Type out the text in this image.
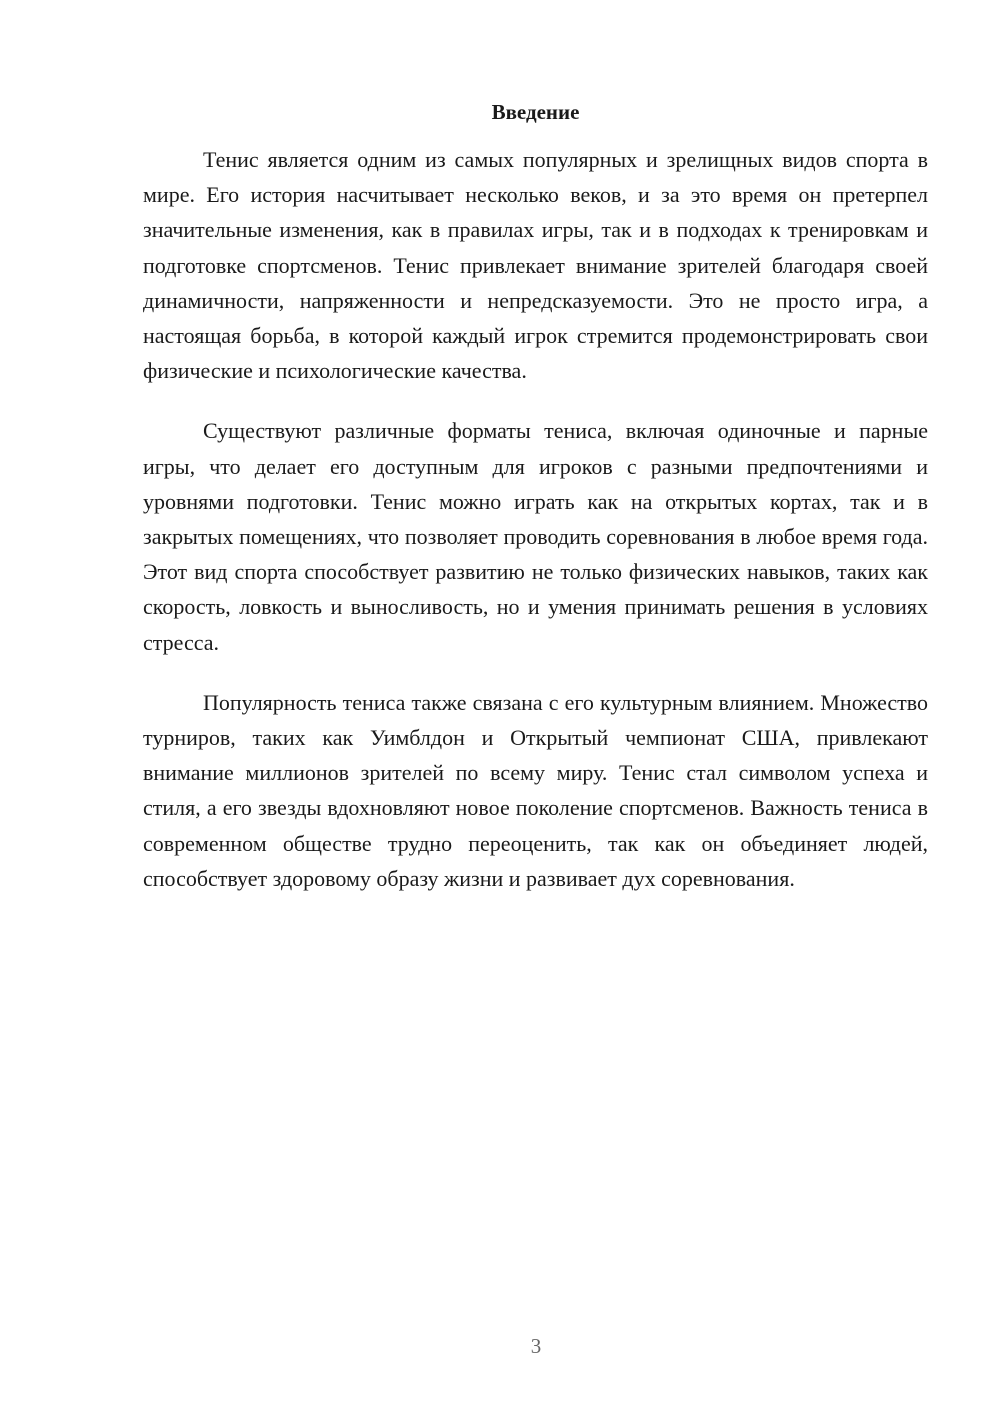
Введение

Тенис является одним из самых популярных и зрелищных видов спорта в мире. Его история насчитывает несколько веков, и за это время он претерпел значительные изменения, как в правилах игры, так и в подходах к тренировкам и подготовке спортсменов. Тенис привлекает внимание зрителей благодаря своей динамичности, напряженности и непредсказуемости. Это не просто игра, а настоящая борьба, в которой каждый игрок стремится продемонстрировать свои физические и психологические качества.

Существуют различные форматы тениса, включая одиночные и парные игры, что делает его доступным для игроков с разными предпочтениями и уровнями подготовки. Тенис можно играть как на открытых кортах, так и в закрытых помещениях, что позволяет проводить соревнования в любое время года. Этот вид спорта способствует развитию не только физических навыков, таких как скорость, ловкость и выносливость, но и умения принимать решения в условиях стресса.

Популярность тениса также связана с его культурным влиянием. Множество турниров, таких как Уимблдон и Открытый чемпионат США, привлекают внимание миллионов зрителей по всему миру. Тенис стал символом успеха и стиля, а его звезды вдохновляют новое поколение спортсменов. Важность тениса в современном обществе трудно переоценить, так как он объединяет людей, способствует здоровому образу жизни и развивает дух соревнования.

3
